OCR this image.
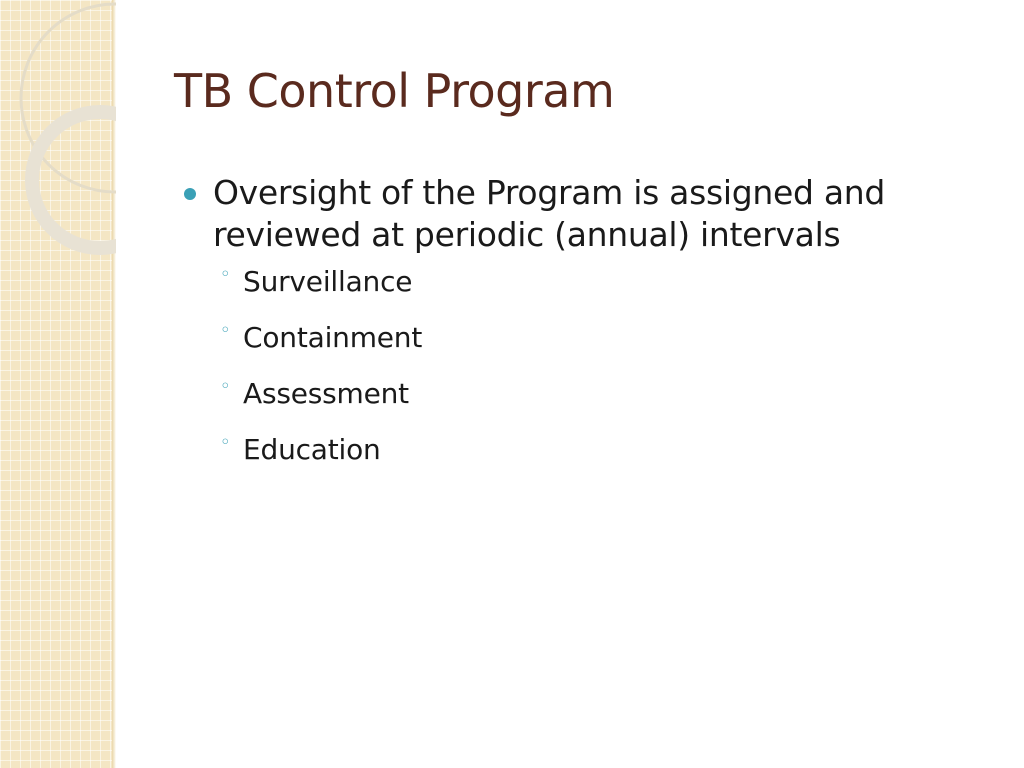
TB Control Program
Oversight of the Program is assigned and reviewed at periodic (annual) intervals
◦ Surveillance
◦ Containment
◦ Assessment
◦ Education
